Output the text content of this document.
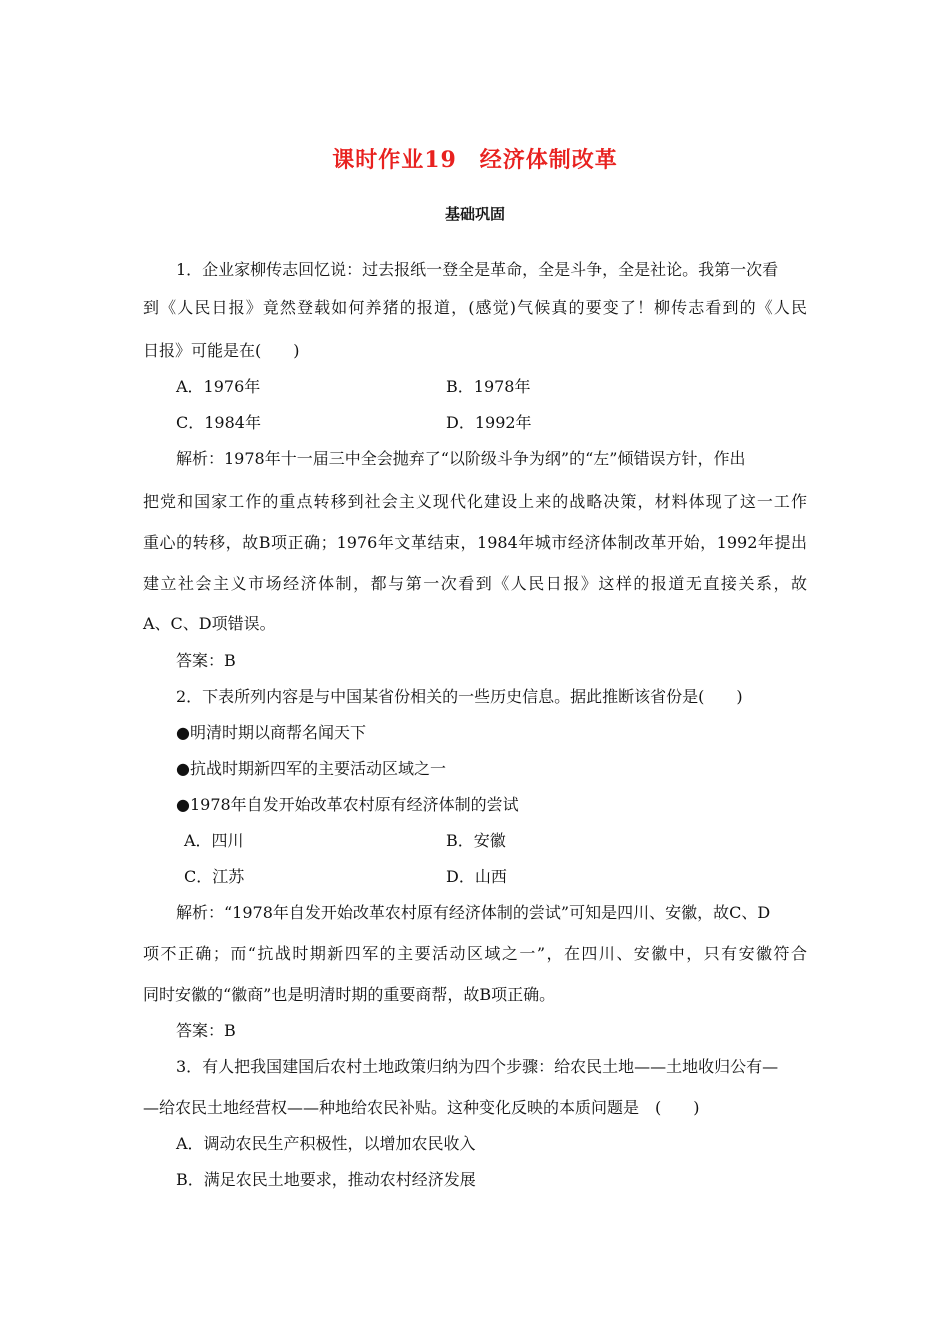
课时作业19　经济体制改革
基础巩固
1．企业家柳传志回忆说：过去报纸一登全是革命，全是斗争，全是社论。我第一次看
到《人民日报》竟然登载如何养猪的报道，(感觉)气候真的要变了！柳传志看到的《人民
日报》可能是在(　　)
A．1976年	B．1978年
C．1984年	D．1992年
解析：1978年十一届三中全会抛弃了“以阶级斗争为纲”的“左”倾错误方针，作出
把党和国家工作的重点转移到社会主义现代化建设上来的战略决策，材料体现了这一工作
重心的转移，故B项正确；1976年文革结束，1984年城市经济体制改革开始，1992年提出
建立社会主义市场经济体制，都与第一次看到《人民日报》这样的报道无直接关系，故
A、C、D项错误。
答案：B
2．下表所列内容是与中国某省份相关的一些历史信息。据此推断该省份是(　　)
●明清时期以商帮名闻天下
●抗战时期新四军的主要活动区域之一
●1978年自发开始改革农村原有经济体制的尝试
A．四川	B．安徽
C．江苏	D．山西
解析：“1978年自发开始改革农村原有经济体制的尝试”可知是四川、安徽，故C、D
项不正确；而“抗战时期新四军的主要活动区域之一”，在四川、安徽中，只有安徽符合
同时安徽的“徽商”也是明清时期的重要商帮，故B项正确。
答案：B
3．有人把我国建国后农村土地政策归纳为四个步骤：给农民土地——土地收归公有—
—给农民土地经营权——种地给农民补贴。这种变化反映的本质问题是　(　　)
A．调动农民生产积极性，以增加农民收入
B．满足农民土地要求，推动农村经济发展
